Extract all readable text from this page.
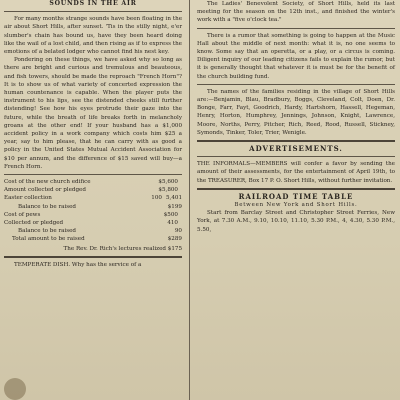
SOUNDS IN THE AIR

For many months strange sounds have been floating in the air about Short Hills, after sunset. 'Tis in the stilly night, e'er slumber's chain has bound us, have they been heard doing like the wail of a lost child, and then rising as if to express the emotions of a belated lodger who cannot find his nest key.

Pondering on these things, we have asked why so long as there are bright and curious and tremulous and beauteous, and fish towers, should be made the reproach "French Horn"? It is to show us of what variety of concerted expression the human countenance is capable. When the player puts the instrument to his lips, see the distended cheeks still further distending! See how his eyes protrude their gaze into the future, while the breath of life breaks forth in melancholy groans at the other end! If your husband has a $1,000 accident policy in a work company which costs him $25 a year, say to him please, that he can carry with as good a policy in the United States Mutual Accident Association for $10 per annum, and the difference of $15 saved will buy—a French Horn.

Cost of the new church edifice	$5,600
Amount collected or pledged	$5,800
Easter collection	100 5,401
Balance to be raised	$199
Cost of pews	$500
Collected or pledged	410
Balance to be raised	90
Total amount to be raised	$289

The Rev. Dr. Rich's lectures realized $175

TEMPERATE DISH. Why has the service of a

The Ladies' Benevolent Society, of Short Hills, held its last meeting for the season on the 12th inst., and finished the winter's work with a "five o'clock tea."

There is a rumor that something is going to happen at the Music Hall about the middle of next month: what it is, no one seems to know. Some say that an operetta, or a play, or a circus is coming. Diligent inquiry of our leading citizens fails to explain the rumor, but it is generally thought that whatever it is must be for the benefit of the church building fund.

The names of the families residing in the village of Short Hills are:—Benjamin, Blau, Bradbury, Boggs, Cleveland, Colt, Doen, Dr. Bonge, Farr, Fayt, Goodrich, Hardy, Hartshorn, Hassell, Hegeman, Henry, Horton, Humphrey, Jennings, Johnson, Knight, Lawrence, Moore, Norths, Perry, Pitcher, Rich, Reed, Rood, Russell, Stickney, Symonds, Tinker, Toler, Trier, Wenigle.

ADVERTISEMENTS.

THE INFORMALS—MEMBERS will confer a favor by sending the amount of their assessments, for the entertainment of April 19th, to the TREASURER, Box 17 P. O. Short Hills, without further invitation.

RAILROAD TIME TABLE
Between New York and Short Hills.

Start from Barclay Street and Christopher Street Ferries, New York, at 7.30 A.M., 9.10, 10.10, 11.10, 5.30 P.M., 4, 4.30, 5.30 P.M., 5.50,
